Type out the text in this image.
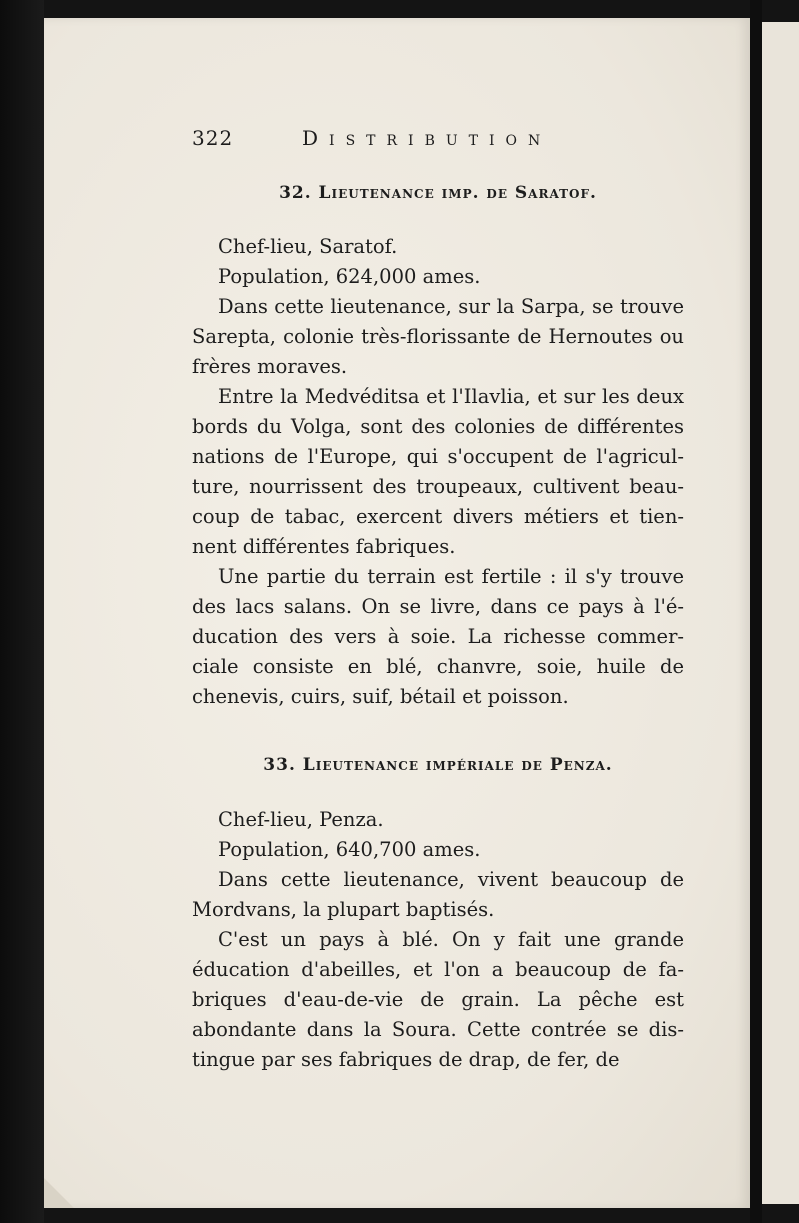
322	Distribution
32. Lieutenance imp. de Saratof.

Chef-lieu, Saratof.

Population, 624,000 ames.

Dans cette lieutenance, sur la Sarpa, se trouve Sarepta, colonie très-florissante de Hernoutes ou frères moraves.

Entre la Medvéditsa et l'Ilavlia, et sur les deux bords du Volga, sont des colonies de différentes nations de l'Europe, qui s'occupent de l'agricul-ture, nourrissent des troupeaux, cultivent beau-coup de tabac, exercent divers métiers et tien-nent différentes fabriques.

Une partie du terrain est fertile : il s'y trouve des lacs salans. On se livre, dans ce pays à l'é-ducation des vers à soie. La richesse commer-ciale consiste en blé, chanvre, soie, huile de chenevis, cuirs, suif, bétail et poisson.

33. Lieutenance impériale de Penza.

Chef-lieu, Penza.

Population, 640,700 ames.

Dans cette lieutenance, vivent beaucoup de Mordvans, la plupart baptisés.

C'est un pays à blé. On y fait une grande éducation d'abeilles, et l'on a beaucoup de fa-briques d'eau-de-vie de grain. La pêche est abondante dans la Soura. Cette contrée se dis-tingue par ses fabriques de drap, de fer, de
